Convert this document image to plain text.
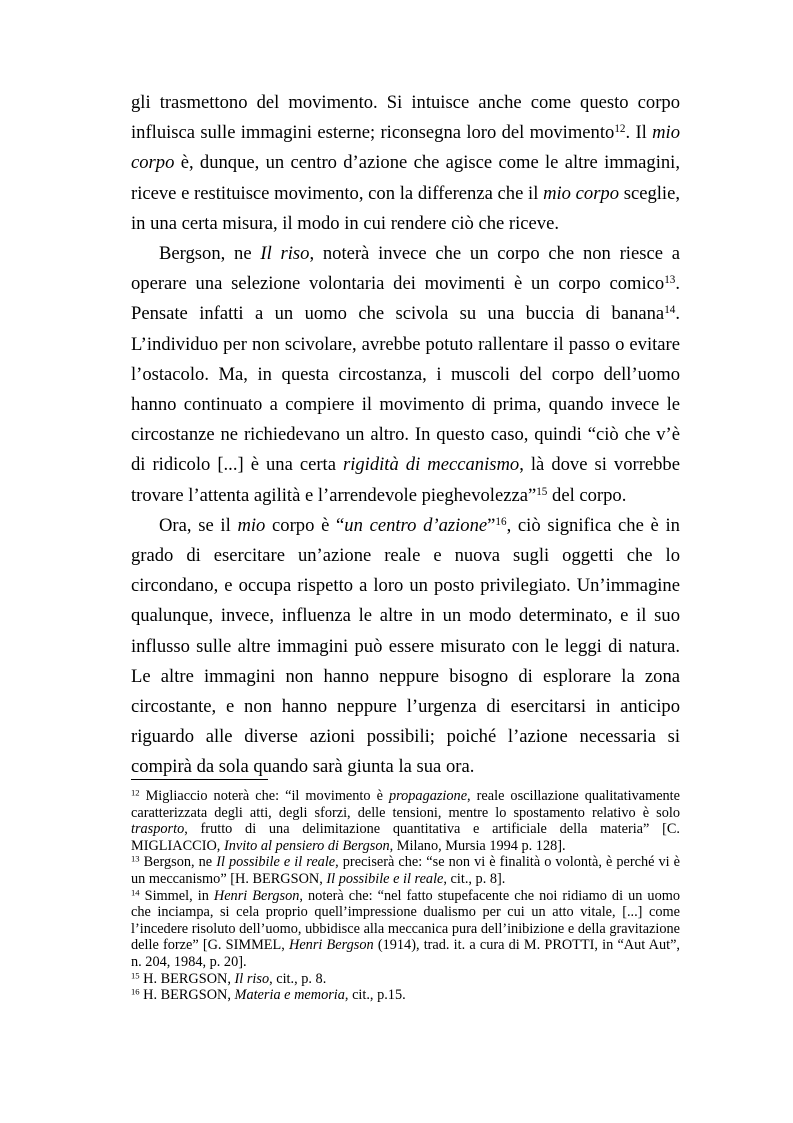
gli trasmettono del movimento. Si intuisce anche come questo corpo influisca sulle immagini esterne; riconsegna loro del movimento$^{12}$. Il mio corpo è, dunque, un centro d’azione che agisce come le altre immagini, riceve e restituisce movimento, con la differenza che il mio corpo sceglie, in una certa misura, il modo in cui rendere ciò che riceve.

Bergson, ne Il riso, noterà invece che un corpo che non riesce a operare una selezione volontaria dei movimenti è un corpo comico$^{13}$. Pensate infatti a un uomo che scivola su una buccia di banana$^{14}$. L’individuo per non scivolare, avrebbe potuto rallentare il passo o evitare l’ostacolo. Ma, in questa circostanza, i muscoli del corpo dell’uomo hanno continuato a compiere il movimento di prima, quando invece le circostanze ne richiedevano un altro. In questo caso, quindi “ciò che v’è di ridicolo [...] è una certa rigidità di meccanismo, là dove si vorrebbe trovare l’attenta agilità e l’arrendevole pieghevolezza”$^{15}$ del corpo.

Ora, se il mio corpo è “un centro d’azione”$^{16}$, ciò significa che è in grado di esercitare un’azione reale e nuova sugli oggetti che lo circondano, e occupa rispetto a loro un posto privilegiato. Un’immagine qualunque, invece, influenza le altre in un modo determinato, e il suo influsso sulle altre immagini può essere misurato con le leggi di natura. Le altre immagini non hanno neppure bisogno di esplorare la zona circostante, e non hanno neppure l’urgenza di esercitarsi in anticipo riguardo alle diverse azioni possibili; poiché l’azione necessaria si compirà da sola quando sarà giunta la sua ora.

$^{12}$ Migliaccio noterà che: “il movimento è propagazione, reale oscillazione qualitativamente caratterizzata degli atti, degli sforzi, delle tensioni, mentre lo spostamento relativo è solo trasporto, frutto di una delimitazione quantitativa e artificiale della materia” [C. MIGLIACCIO, Invito al pensiero di Bergson, Milano, Mursia 1994 p. 128].

$^{13}$ Bergson, ne Il possibile e il reale, preciserà che: “se non vi è finalità o volontà, è perché vi è un meccanismo” [H. BERGSON, Il possibile e il reale, cit., p. 8].

$^{14}$ Simmel, in Henri Bergson, noterà che: “nel fatto stupefacente che noi ridiamo di un uomo che inciampa, si cela proprio quell’impressione dualismo per cui un atto vitale, [...] come l’incedere risoluto dell’uomo, ubbidisce alla meccanica pura dell’inibizione e della gravitazione delle forze” [G. SIMMEL, Henri Bergson (1914), trad. it. a cura di M. PROTTI, in “Aut Aut”, n. 204, 1984, p. 20].

$^{15}$ H. BERGSON, Il riso, cit., p. 8.

$^{16}$ H. BERGSON, Materia e memoria, cit., p.15.
